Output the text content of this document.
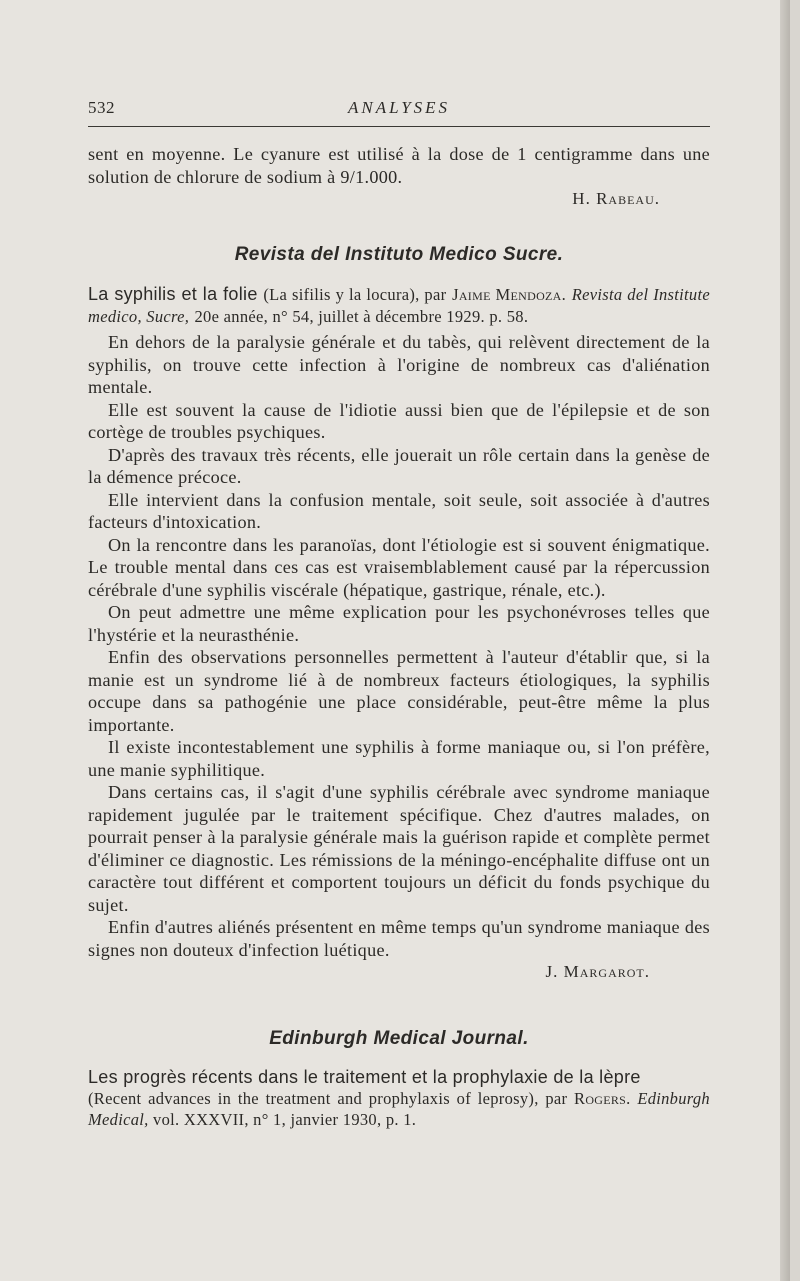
532	ANALYSES

sent en moyenne. Le cyanure est utilisé à la dose de 1 centigramme dans une solution de chlorure de sodium à 9/1.000.

H. Rabeau.

Revista del Instituto Medico Sucre.

La syphilis et la folie (La sifilis y la locura), par Jaime Mendoza. Revista del Institute medico, Sucre, 20e année, n° 54, juillet à décembre 1929. p. 58.

En dehors de la paralysie générale et du tabès, qui relèvent directement de la syphilis, on trouve cette infection à l'origine de nombreux cas d'aliénation mentale.

Elle est souvent la cause de l'idiotie aussi bien que de l'épilepsie et de son cortège de troubles psychiques.

D'après des travaux très récents, elle jouerait un rôle certain dans la genèse de la démence précoce.

Elle intervient dans la confusion mentale, soit seule, soit associée à d'autres facteurs d'intoxication.

On la rencontre dans les paranoïas, dont l'étiologie est si souvent énigmatique. Le trouble mental dans ces cas est vraisemblablement causé par la répercussion cérébrale d'une syphilis viscérale (hépatique, gastrique, rénale, etc.).

On peut admettre une même explication pour les psychonévroses telles que l'hystérie et la neurasthénie.

Enfin des observations personnelles permettent à l'auteur d'établir que, si la manie est un syndrome lié à de nombreux facteurs étiologiques, la syphilis occupe dans sa pathogénie une place considérable, peut-être même la plus importante.

Il existe incontestablement une syphilis à forme maniaque ou, si l'on préfère, une manie syphilitique.

Dans certains cas, il s'agit d'une syphilis cérébrale avec syndrome maniaque rapidement jugulée par le traitement spécifique. Chez d'autres malades, on pourrait penser à la paralysie générale mais la guérison rapide et complète permet d'éliminer ce diagnostic. Les rémissions de la méningo-encéphalite diffuse ont un caractère tout différent et comportent toujours un déficit du fonds psychique du sujet.

Enfin d'autres aliénés présentent en même temps qu'un syndrome maniaque des signes non douteux d'infection luétique.

J. Margarot.

Edinburgh Medical Journal.

Les progrès récents dans le traitement et la prophylaxie de la lèpre

(Recent advances in the treatment and prophylaxis of leprosy), par Rogers. Edinburgh Medical, vol. XXXVII, n° 1, janvier 1930, p. 1.
